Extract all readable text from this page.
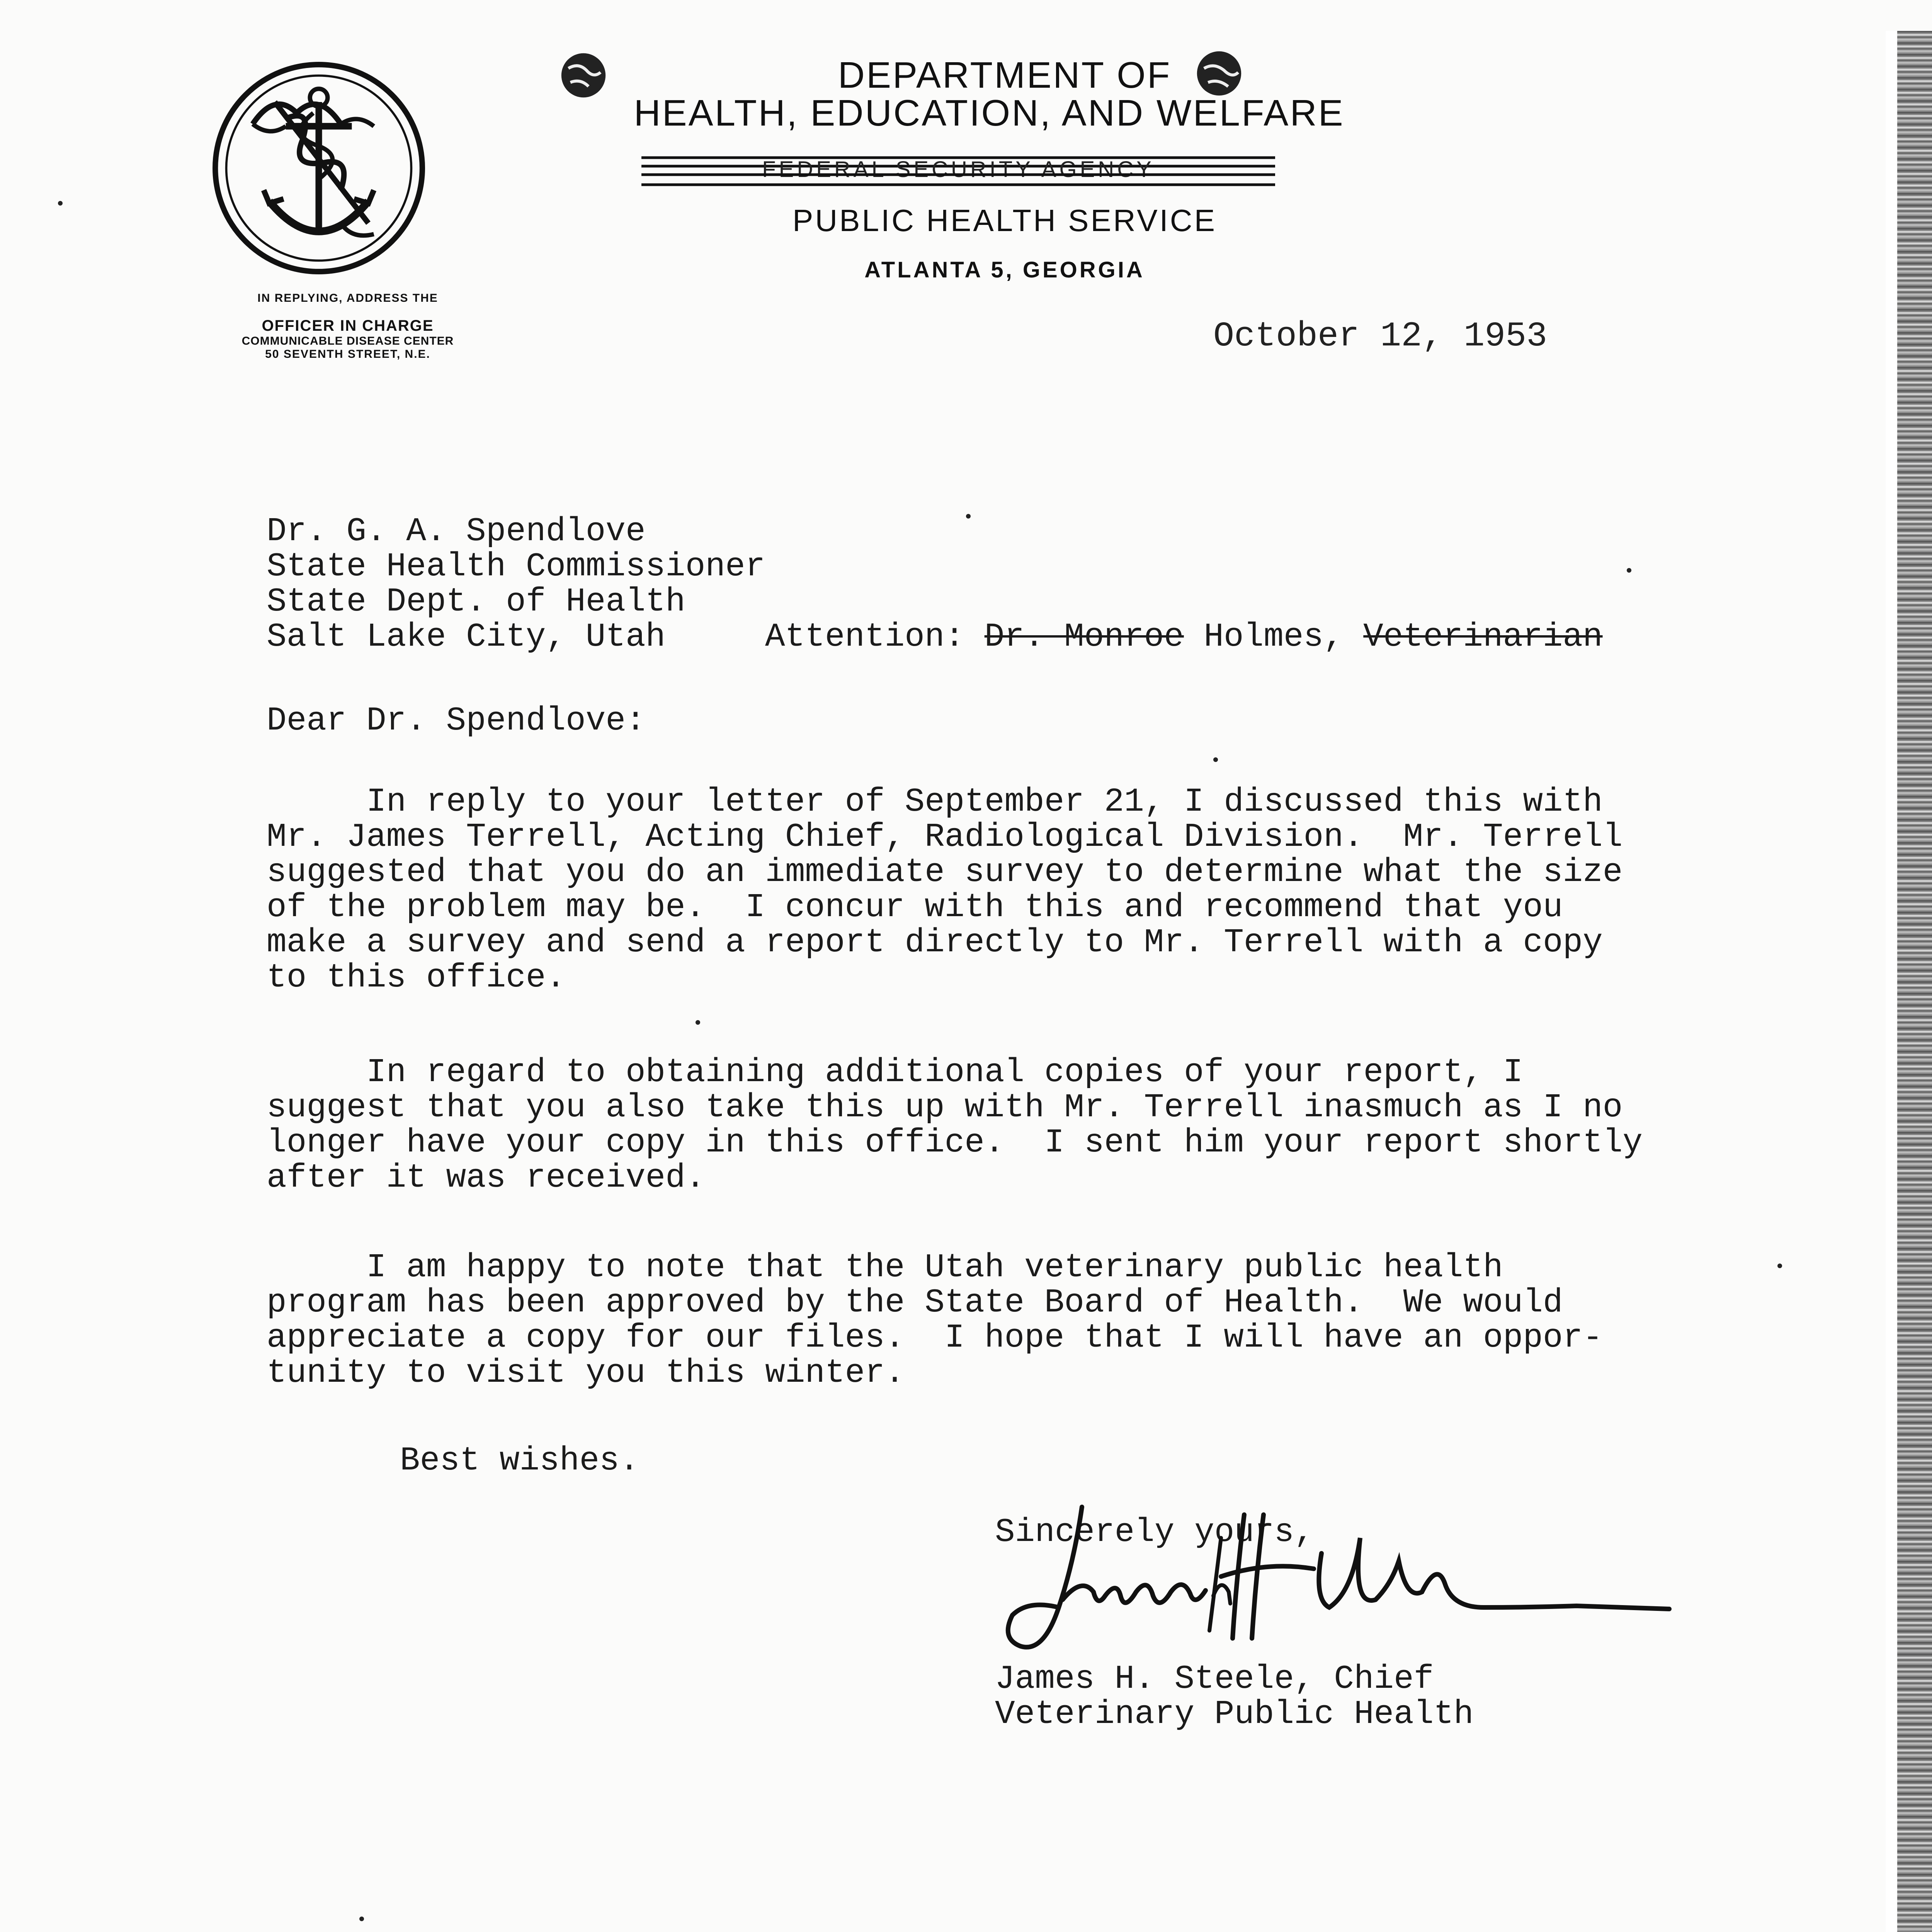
DEPARTMENT OF
HEALTH, EDUCATION, AND WELFARE
FEDERAL SECURITY AGENCY
PUBLIC HEALTH SERVICE
ATLANTA 5, GEORGIA
IN REPLYING, ADDRESS THE
OFFICER IN CHARGE
COMMUNICABLE DISEASE CENTER
50 SEVENTH STREET, N.E.	October 12, 1953
Dr. G. A. Spendlove
State Health Commissioner
State Dept. of Health
Salt Lake City, Utah	Attention: Dr. Monroe Holmes, Veterinarian
Dear Dr. Spendlove:
In reply to your letter of September 21, I discussed this with
Mr. James Terrell, Acting Chief, Radiological Division.  Mr. Terrell
suggested that you do an immediate survey to determine what the size
of the problem may be.  I concur with this and recommend that you
make a survey and send a report directly to Mr. Terrell with a copy
to this office.
In regard to obtaining additional copies of your report, I
suggest that you also take this up with Mr. Terrell inasmuch as I no
longer have your copy in this office.  I sent him your report shortly
after it was received.
I am happy to note that the Utah veterinary public health
program has been approved by the State Board of Health.  We would
appreciate a copy for our files.  I hope that I will have an oppor-
tunity to visit you this winter.
Best wishes.
Sincerely yours,
James H Steele
James H. Steele, Chief
Veterinary Public Health
